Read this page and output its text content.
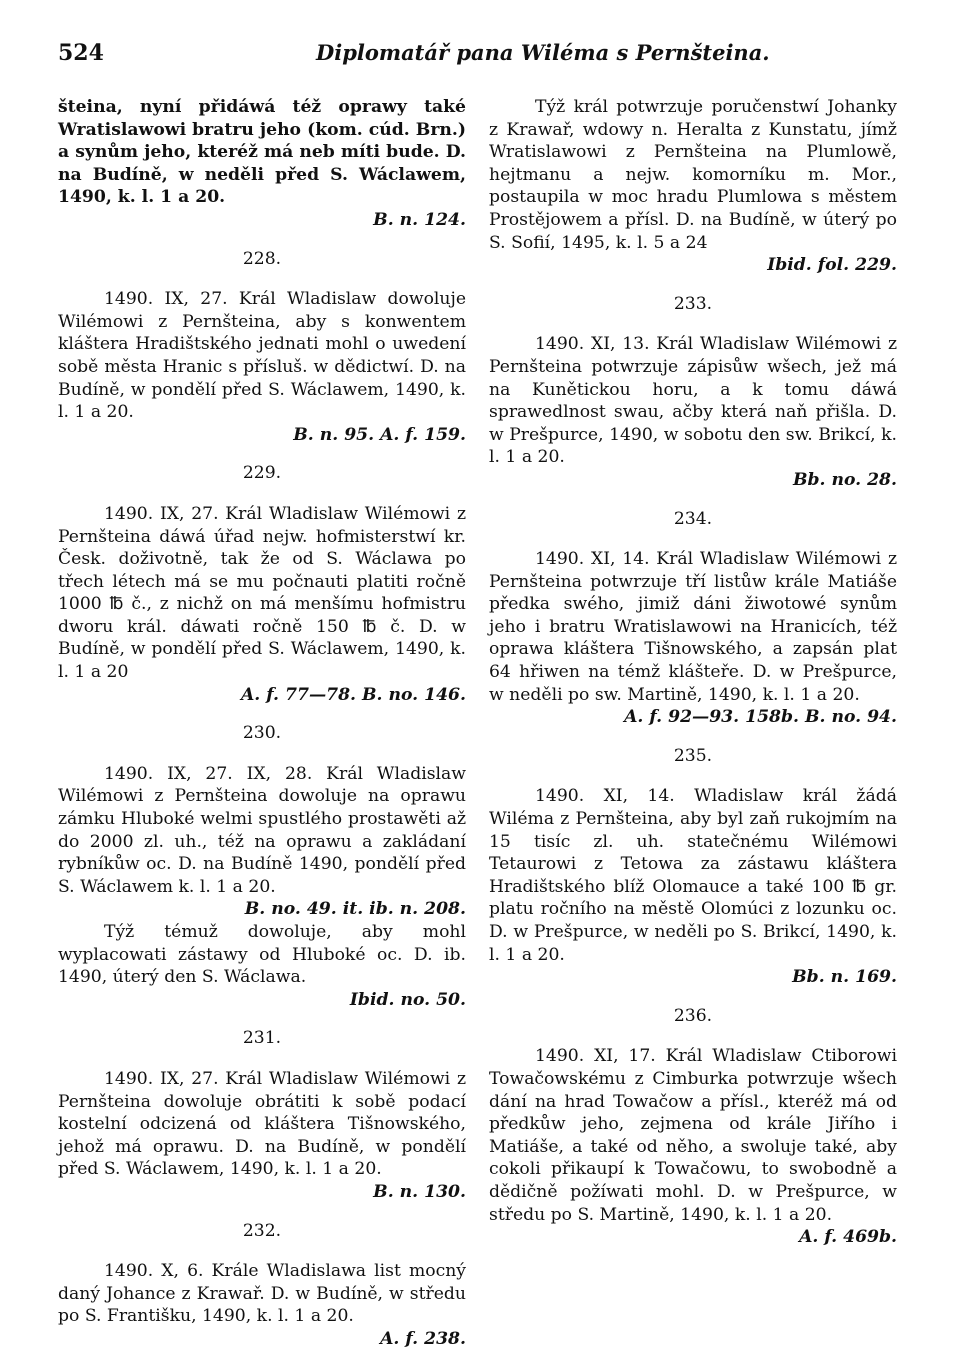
524	Diplomatář pana Wiléma s Pernšteina.

šteina, nyní přidáwá též oprawy také Wratislawowi bratru jeho (kom. cúd. Brn.) a synům jeho, kteréž má neb míti bude. D. na Budíně, w neděli před S. Wáclawem, 1490, k. l. 1 a 20.

B. n. 124.
228.

1490. IX, 27. Král Wladislaw dowoluje Wilémowi z Pernšteina, aby s konwentem kláštera Hradištského jednati mohl o uwedení sobě města Hranic s přísluš. w dědictwí. D. na Budíně, w pondělí před S. Wáclawem, 1490, k. l. 1 a 20.

B. n. 95. A. f. 159.
229.

1490. IX, 27. Král Wladislaw Wilémowi z Pernšteina dáwá úřad nejw. hofmisterstwí kr. Česk. doživotně, tak že od S. Wáclawa po třech létech má se mu počnauti platiti ročně 1000 ℔ č., z nichž on má menšímu hofmistru dworu král. dáwati ročně 150 ℔ č. D. w Budíně, w pondělí před S. Wáclawem, 1490, k. l. 1 a 20

A. f. 77—78. B. no. 146.
230.

1490. IX, 27. IX, 28. Král Wladislaw Wilémowi z Pernšteina dowoluje na oprawu zámku Hluboké welmi spustlého prostawěti až do 2000 zl. uh., též na oprawu a zakládaní rybníkůw oc. D. na Budíně 1490, pondělí před S. Wáclawem k. l. 1 a 20.

B. no. 49. it. ib. n. 208.

Týž témuž dowoluje, aby mohl wyplacowati zástawy od Hluboké oc. D. ib. 1490, úterý den S. Wáclawa.

Ibid. no. 50.
231.

1490. IX, 27. Král Wladislaw Wilémowi z Pernšteina dowoluje obrátiti k sobě podací kostelní odcizená od kláštera Tišnowského, jehož má oprawu. D. na Budíně, w pondělí před S. Wáclawem, 1490, k. l. 1 a 20.

B. n. 130.
232.

1490. X, 6. Krále Wladislawa list mocný daný Johance z Krawař. D. w Budíně, w středu po S. Františku, 1490, k. l. 1 a 20.

A. f. 238.

Týž král potwrzuje poručenstwí Johanky z Krawař, wdowy n. Heralta z Kunstatu, jímž Wratislawowi z Pernšteina na Plumlowě, hejtmanu a nejw. komorníku m. Mor., postaupila w moc hradu Plumlowa s městem Prostějowem a přísl. D. na Budíně, w úterý po S. Sofií, 1495, k. l. 5 a 24

Ibid. fol. 229.
233.

1490. XI, 13. Král Wladislaw Wilémowi z Pernšteina potwrzuje zápisůw wšech, jež má na Kunětickou horu, a k tomu dáwá sprawedlnost swau, ačby která naň přišla. D. w Prešpurce, 1490, w sobotu den sw. Brikcí, k. l. 1 a 20.

Bb. no. 28.
234.

1490. XI, 14. Král Wladislaw Wilémowi z Pernšteina potwrzuje tří listůw krále Matiáše předka swého, jimiž dáni žiwotowé synům jeho i bratru Wratislawowi na Hranicích, též oprawa kláštera Tišnowského, a zapsán plat 64 hřiwen na témž klášteře. D. w Prešpurce, w neděli po sw. Martině, 1490, k. l. 1 a 20.

A. f. 92—93. 158b. B. no. 94.
235.

1490. XI, 14. Wladislaw král žádá Wiléma z Pernšteina, aby byl zaň rukojmím na 15 tisíc zl. uh. statečnému Wilémowi Tetaurowi z Tetowa za zástawu kláštera Hradištského blíž Olomauce a také 100 ℔ gr. platu ročního na městě Olomúci z lozunku oc. D. w Prešpurce, w neděli po S. Brikcí, 1490, k. l. 1 a 20.

Bb. n. 169.
236.

1490. XI, 17. Král Wladislaw Ctiborowi Towačowskému z Cimburka potwrzuje wšech dání na hrad Towačow a přísl., kteréž má od předkůw jeho, zejmena od krále Jiřího i Matiáše, a také od něho, a swoluje také, aby cokoli přikaupí k Towačowu, to swobodně a dědičně požíwati mohl. D. w Prešpurce, w středu po S. Martině, 1490, k. l. 1 a 20.

A. f. 469b.
